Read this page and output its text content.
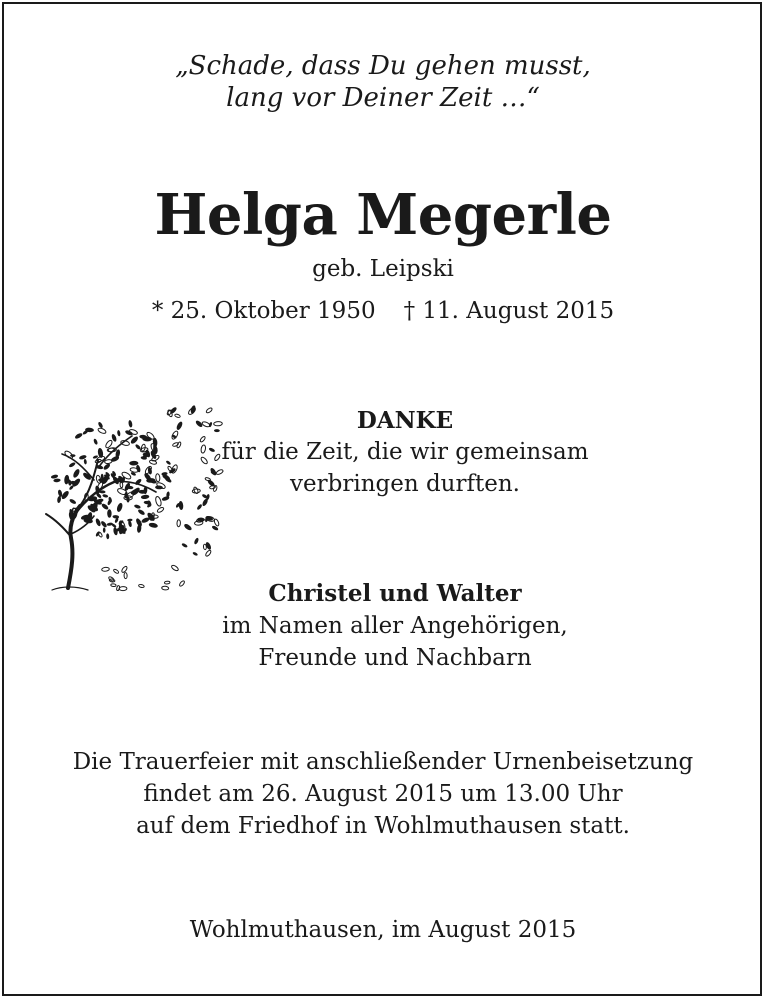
„Schade, dass Du gehen musst,
lang vor Deiner Zeit …“
Helga Megerle
geb. Leipski
* 25. Oktober 1950 † 11. August 2015
DANKE
für die Zeit, die wir gemeinsam
verbringen durften.
Christel und Walter
im Namen aller Angehörigen,
Freunde und Nachbarn
Die Trauerfeier mit anschließender Urnenbeisetzung
findet am 26. August 2015 um 13.00 Uhr
auf dem Friedhof in Wohlmuthausen statt.
Wohlmuthausen, im August 2015
